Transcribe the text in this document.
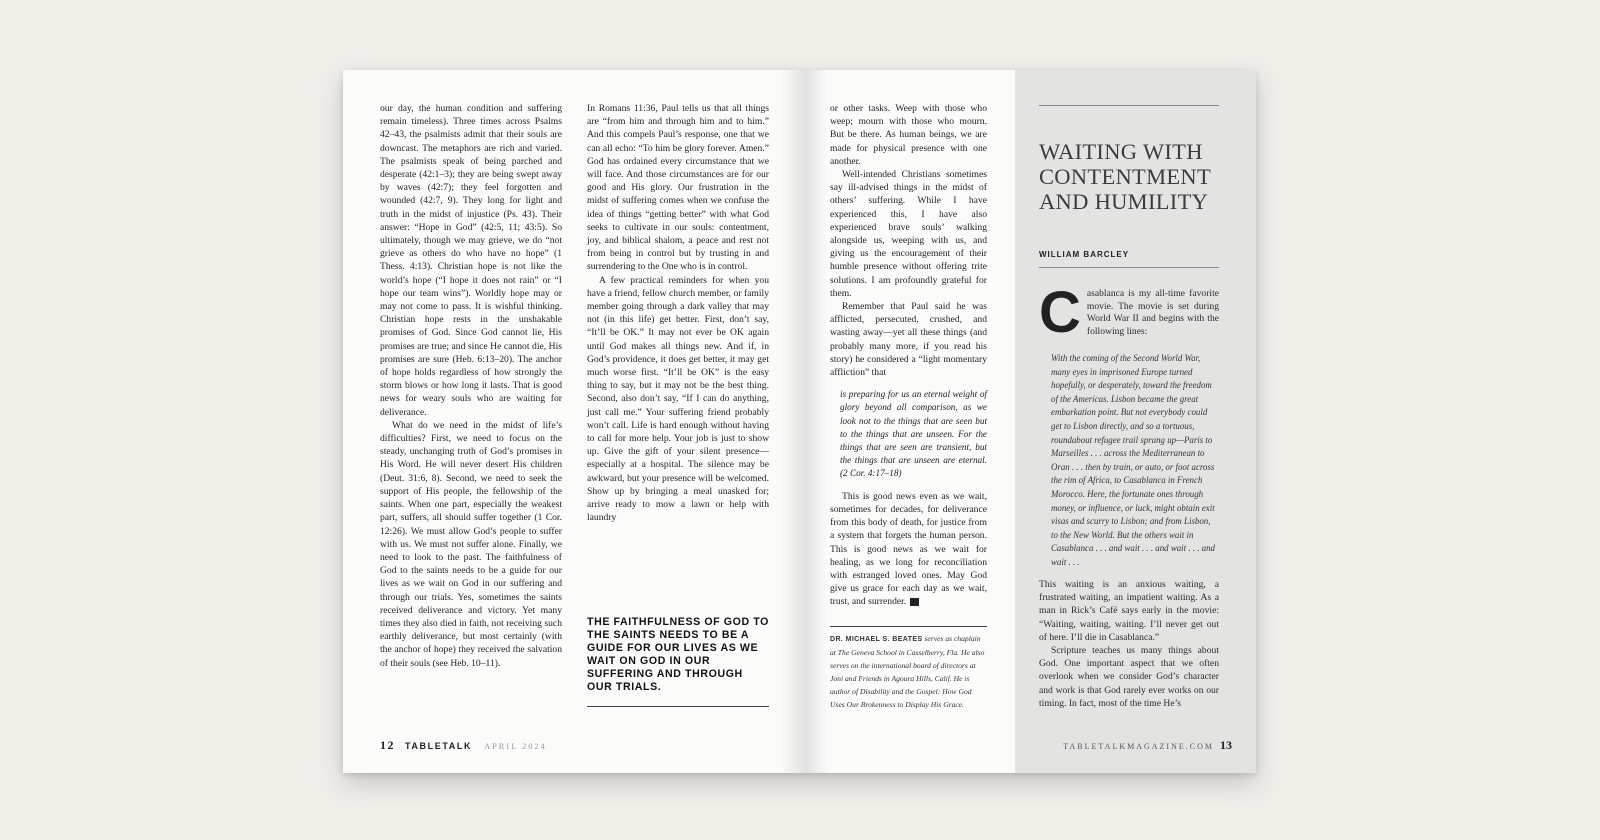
our day, the human condition and suffering remain timeless). Three times across Psalms 42–43, the psalmists admit that their souls are downcast. The metaphors are rich and varied. The psalmists speak of being parched and desperate (42:1–3); they are being swept away by waves (42:7); they feel forgotten and wounded (42:7, 9). They long for light and truth in the midst of injustice (Ps. 43). Their answer: “Hope in God” (42:5, 11; 43:5). So ultimately, though we may grieve, we do “not grieve as others do who have no hope” (1 Thess. 4:13). Christian hope is not like the world’s hope (“I hope it does not rain” or “I hope our team wins”). Worldly hope may or may not come to pass. It is wishful thinking. Christian hope rests in the unshakable promises of God. Since God cannot lie, His promises are true; and since He cannot die, His promises are sure (Heb. 6:13–20). The anchor of hope holds regardless of how strongly the storm blows or how long it lasts. That is good news for weary souls who are waiting for deliverance.

What do we need in the midst of life’s difficulties? First, we need to focus on the steady, unchanging truth of God’s promises in His Word. He will never desert His children (Deut. 31:6, 8). Second, we need to seek the support of His people, the fellowship of the saints. When one part, especially the weakest part, suffers, all should suffer together (1 Cor. 12:26). We must allow God’s people to suffer with us. We must not suffer alone. Finally, we need to look to the past. The faithfulness of God to the saints needs to be a guide for our lives as we wait on God in our suffering and through our trials. Yes, sometimes the saints received deliverance and victory. Yet many times they also died in faith, not receiving such earthly deliverance, but most certainly (with the anchor of hope) they received the salvation of their souls (see Heb. 10–11).

In Romans 11:36, Paul tells us that all things are “from him and through him and to him.” And this compels Paul’s response, one that we can all echo: “To him be glory forever. Amen.” God has ordained every circumstance that we will face. And those circumstances are for our good and His glory. Our frustration in the midst of suffering comes when we confuse the idea of things “getting better” with what God seeks to cultivate in our souls: contentment, joy, and biblical shalom, a peace and rest not from being in control but by trusting in and surrendering to the One who is in control.

A few practical reminders for when you have a friend, fellow church member, or family member going through a dark valley that may not (in this life) get better. First, don’t say, “It’ll be OK.” It may not ever be OK again until God makes all things new. And if, in God’s providence, it does get better, it may get much worse first. “It’ll be OK” is the easy thing to say, but it may not be the best thing. Second, also don’t say, “If I can do anything, just call me.” Your suffering friend probably won’t call. Life is hard enough without having to call for more help. Your job is just to show up. Give the gift of your silent presence—especially at a hospital. The silence may be awkward, but your presence will be welcomed. Show up by bringing a meal unasked for; arrive ready to mow a lawn or help with laundry

THE FAITHFULNESS OF GOD TO THE SAINTS NEEDS TO BE A GUIDE FOR OUR LIVES AS WE WAIT ON GOD IN OUR SUFFERING AND THROUGH OUR TRIALS.
12 TABLETALK APRIL 2024

or other tasks. Weep with those who weep; mourn with those who mourn. But be there. As human beings, we are made for physical presence with one another.

Well-intended Christians sometimes say ill-advised things in the midst of others’ suffering. While I have experienced this, I have also experienced brave souls’ walking alongside us, weeping with us, and giving us the encouragement of their humble presence without offering trite solutions. I am profoundly grateful for them.

Remember that Paul said he was afflicted, persecuted, crushed, and wasting away—yet all these things (and probably many more, if you read his story) he considered a “light momentary affliction” that

is preparing for us an eternal weight of glory beyond all comparison, as we look not to the things that are seen but to the things that are unseen. For the things that are seen are transient, but the things that are unseen are eternal. (2 Cor. 4:17–18)

This is good news even as we wait, sometimes for decades, for deliverance from this body of death, for justice from a system that forgets the human person. This is good news as we wait for healing, as we long for reconciliation with estranged loved ones. May God give us grace for each day as we wait, trust, and surrender.

DR. MICHAEL S. BEATES serves as chaplain at The Geneva School in Casselberry, Fla. He also serves on the international board of directors at Joni and Friends in Agoura Hills, Calif. He is author of Disability and the Gospel: How God Uses Our Brokenness to Display His Grace.
WAITING WITH CONTENTMENT AND HUMILITY
WILLIAM BARCLEY
Casablanca is my all-time favorite movie. The movie is set during World War II and begins with the following lines:
With the coming of the Second World War, many eyes in imprisoned Europe turned hopefully, or desperately, toward the freedom of the Americas. Lisbon became the great embarkation point. But not everybody could get to Lisbon directly, and so a tortuous, roundabout refugee trail sprang up—Paris to Marseilles . . . across the Mediterranean to Oran . . . then by train, or auto, or foot across the rim of Africa, to Casablanca in French Morocco. Here, the fortunate ones through money, or influence, or luck, might obtain exit visas and scurry to Lisbon; and from Lisbon, to the New World. But the others wait in Casablanca . . . and wait . . . and wait . . . and wait . . .

This waiting is an anxious waiting, a frustrated waiting, an impatient waiting. As a man in Rick’s Café says early in the movie: “Waiting, waiting, waiting. I’ll never get out of here. I’ll die in Casablanca.”

Scripture teaches us many things about God. One important aspect that we often overlook when we consider God’s character and work is that God rarely ever works on our timing. In fact, most of the time He’s

TABLETALKMAGAZINE.COM 13
